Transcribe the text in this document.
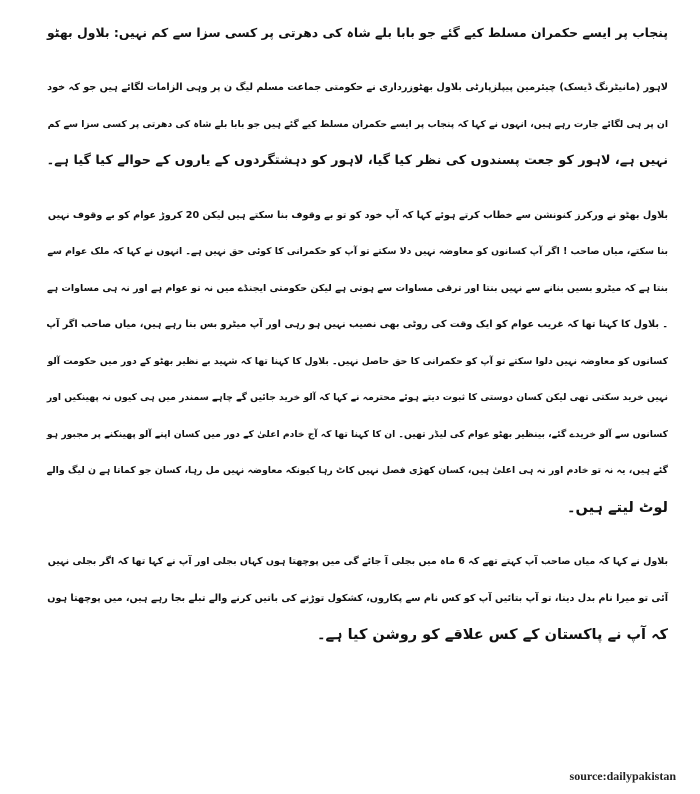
پنجاب پر ایسے حکمران مسلط کیے گئے جو بابا بلے شاہ کی دھرتی پر کسی سزا سے کم نہیں: بلاول بھٹو
لاہور (مانیٹرنگ ڈیسک) چیئرمین پیپلزپارٹی بلاول بھٹوزرداری نے حکومتی جماعت مسلم لیگ ن پر وہی الزامات لگائے ہیں جو کہ خود
ان پر ہی لگائے جارت رہے ہیں، انہوں نے کہا کہ پنجاب پر ایسے حکمران مسلط کیے گئے ہیں جو بابا بلے شاہ کی دھرتی پر کسی سزا سے کم
نہیں ہے، لاہور کو جعت پسندوں کی نظر کیا گیا، لاہور کو دہشتگردوں کے یاروں کے حوالے کیا گیا ہے۔
بلاول بھٹو نے ورکرز کنونشن سے خطاب کرتے ہوئے کہا کہ آپ خود کو تو بے وقوف بنا سکتے ہیں لیکن 20 کروڑ عوام کو بے وقوف نہیں
بنا سکتے، میاں صاحب ! اگر آپ کسانوں کو معاوضہ نہیں دلا سکتے تو آپ کو حکمرانی کا کوئی حق نہیں ہے۔ انہوں نے کہا کہ ملک عوام سے
بنتا ہے کہ میٹرو بسیں بنانے سے نہیں بنتا اور ترقی مساوات سے ہوتی ہے لیکن حکومتی ایجنڈے میں نہ تو عوام ہے اور نہ ہی مساوات ہے
۔ بلاول کا کہنا تھا کہ غریب عوام کو ایک وقت کی روٹی بھی نصیب نہیں ہو رہی اور آپ میٹرو بس بنا رہے ہیں، میاں صاحب اگر آپ
کسانوں کو معاوضہ نہیں دلوا سکتے تو آپ کو حکمرانی کا حق حاصل نہیں۔ بلاول کا کہنا تھا کہ شہید بے نظیر بھٹو کے دور میں حکومت آلو
نہیں خرید سکتی تھی لیکن کسان دوستی کا ثبوت دیتے ہوئے محترمہ نے کہا کہ آلو خرید جائیں گے چاہے سمندر میں ہی کیوں نہ پھینکیں اور
کسانوں سے آلو خریدے گئے، بینظیر بھٹو عوام کی لیڈر تھیں۔ ان کا کہنا تھا کہ آج خادم اعلیٰ کے دور میں کسان اپنے آلو پھینکنے پر مجبور ہو
گئے ہیں، یہ نہ تو خادم اور نہ ہی اعلیٰ ہیں، کسان کھڑی فصل نہیں کاٹ رہا کیونکہ معاوضہ نہیں مل رہا، کسان جو کماتا ہے ن لیگ والے
لوٹ لیتے ہیں۔
بلاول نے کہا کہ میاں صاحب آپ کہتے تھے کہ 6 ماہ میں بجلی آ جائے گی میں پوچھتا ہوں کہاں بجلی اور آپ نے کہا تھا کہ اگر بجلی نہیں
آئی تو میرا نام بدل دینا، تو آپ بتائیں آپ کو کس نام سے پکاروں، کشکول توڑنے کی باتیں کرنے والے تبلے بجا رہے ہیں، میں پوچھتا ہوں
کہ آپ نے پاکستان کے کس علاقے کو روشن کیا ہے۔
source:dailypakistan
